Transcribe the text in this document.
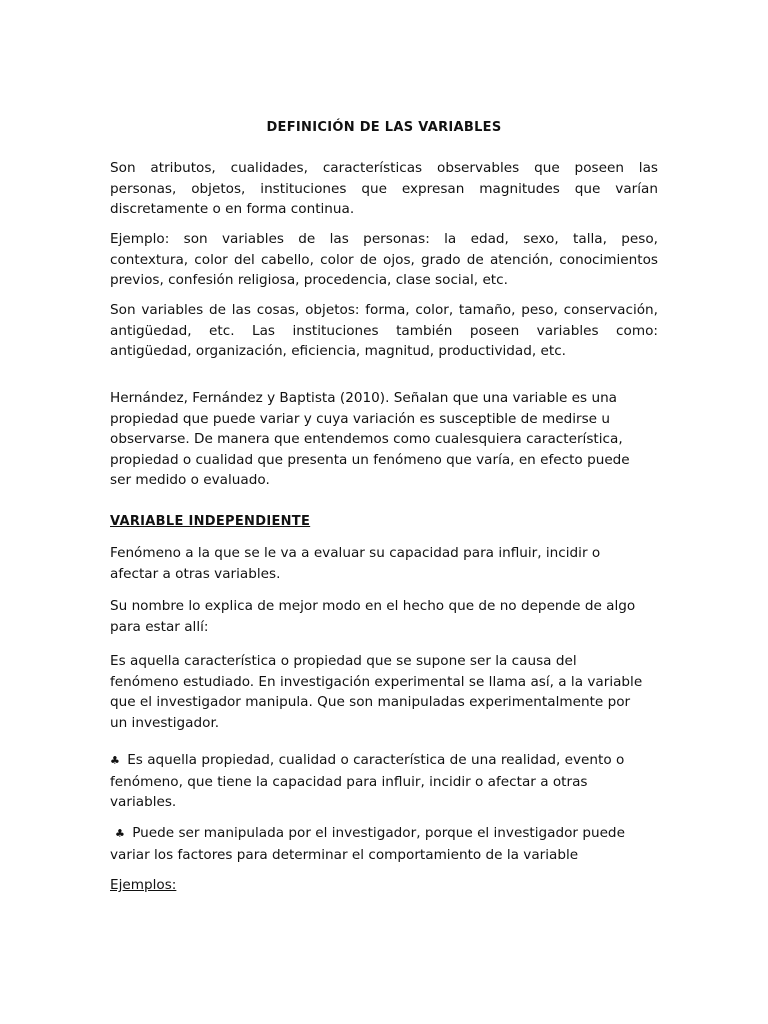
DEFINICIÓN DE LAS VARIABLES

Son atributos, cualidades, características observables que poseen las
personas, objetos, instituciones que expresan magnitudes que varían
discretamente o en forma continua.

Ejemplo: son variables de las personas: la edad, sexo, talla, peso,
contextura, color del cabello, color de ojos, grado de atención, conocimientos
previos, confesión religiosa, procedencia, clase social, etc.

Son variables de las cosas, objetos: forma, color, tamaño, peso, conservación,
antigüedad, etc. Las instituciones también poseen variables como:
antigüedad, organización, eficiencia, magnitud, productividad, etc.

Hernández, Fernández y Baptista (2010). Señalan que una variable es una
propiedad que puede variar y cuya variación es susceptible de medirse u
observarse. De manera que entendemos como cualesquiera característica,
propiedad o cualidad que presenta un fenómeno que varía, en efecto puede
ser medido o evaluado.

VARIABLE INDEPENDIENTE

Fenómeno a la que se le va a evaluar su capacidad para influir, incidir o
afectar a otras variables.

Su nombre lo explica de mejor modo en el hecho que de no depende de algo
para estar allí:

Es aquella característica o propiedad que se supone ser la causa del
fenómeno estudiado. En investigación experimental se llama así, a la variable
que el investigador manipula. Que son manipuladas experimentalmente por
un investigador.

♣ Es aquella propiedad, cualidad o característica de una realidad, evento o
fenómeno, que tiene la capacidad para influir, incidir o afectar a otras
variables.

♣ Puede ser manipulada por el investigador, porque el investigador puede
variar los factores para determinar el comportamiento de la variable

Ejemplos:
